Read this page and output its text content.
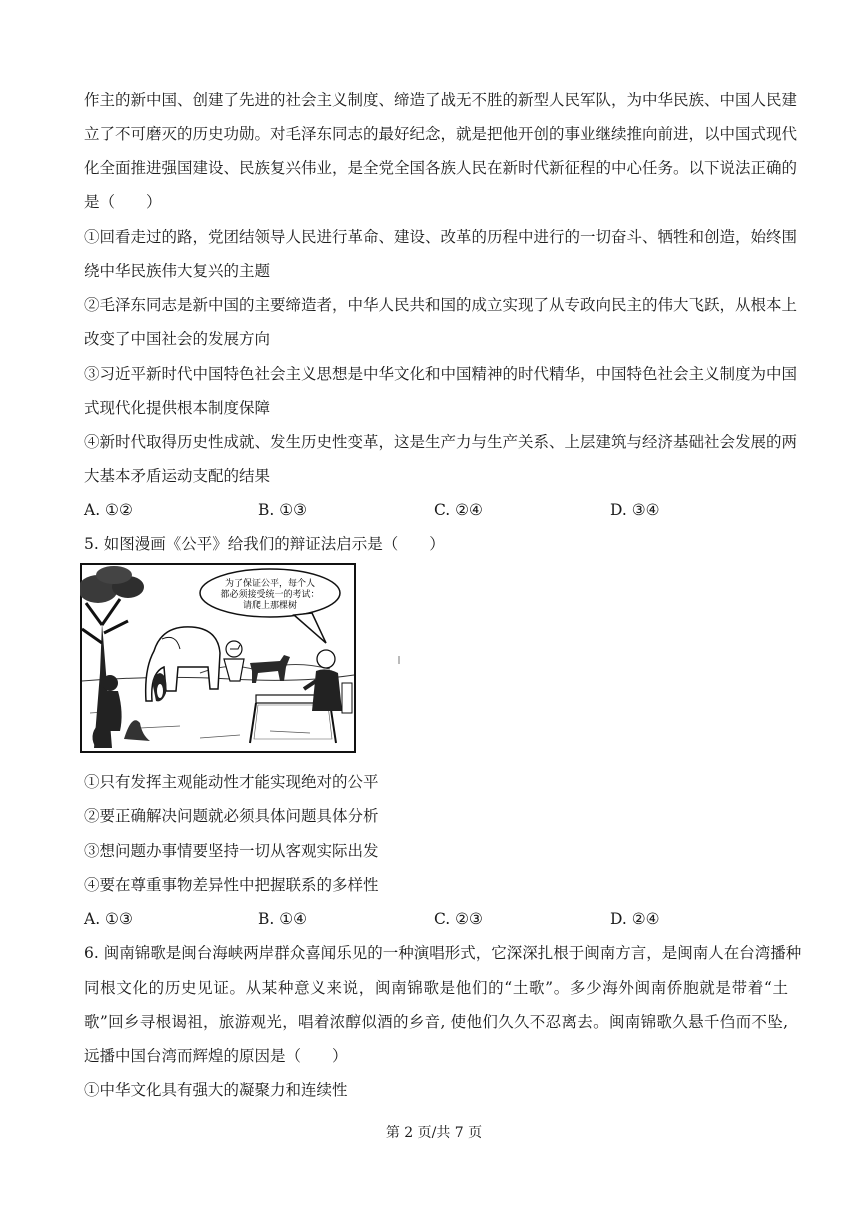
作主的新中国、创建了先进的社会主义制度、缔造了战无不胜的新型人民军队，为中华民族、中国人民建
立了不可磨灭的历史功勋。对毛泽东同志的最好纪念，就是把他开创的事业继续推向前进，以中国式现代
化全面推进强国建设、民族复兴伟业，是全党全国各族人民在新时代新征程的中心任务。以下说法正确的
是（　　）
①回看走过的路，党团结领导人民进行革命、建设、改革的历程中进行的一切奋斗、牺牲和创造，始终围
绕中华民族伟大复兴的主题
②毛泽东同志是新中国的主要缔造者，中华人民共和国的成立实现了从专政向民主的伟大飞跃，从根本上
改变了中国社会的发展方向
③习近平新时代中国特色社会主义思想是中华文化和中国精神的时代精华，中国特色社会主义制度为中国
式现代化提供根本制度保障
④新时代取得历史性成就、发生历史性变革，这是生产力与生产关系、上层建筑与经济基础社会发展的两
大基本矛盾运动支配的结果
A. ①②	B. ①③	C. ②④	D. ③④
5. 如图漫画《公平》给我们的辩证法启示是（　　）
为了保证公平，每个人
都必须接受统一的考试：
请爬上那棵树
①只有发挥主观能动性才能实现绝对的公平
②要正确解决问题就必须具体问题具体分析
③想问题办事情要坚持一切从客观实际出发
④要在尊重事物差异性中把握联系的多样性
A. ①③	B. ①④	C. ②③	D. ②④
6. 闽南锦歌是闽台海峡两岸群众喜闻乐见的一种演唱形式，它深深扎根于闽南方言，是闽南人在台湾播种
同根文化的历史见证。从某种意义来说，闽南锦歌是他们的“土歌”。多少海外闽南侨胞就是带着“土
歌”回乡寻根谒祖，旅游观光，唱着浓醇似酒的乡音, 使他们久久不忍离去。闽南锦歌久悬千㑇而不坠,
远播中国台湾而辉煌的原因是（　　）
①中华文化具有强大的凝聚力和连续性
第 2 页/共 7 页
